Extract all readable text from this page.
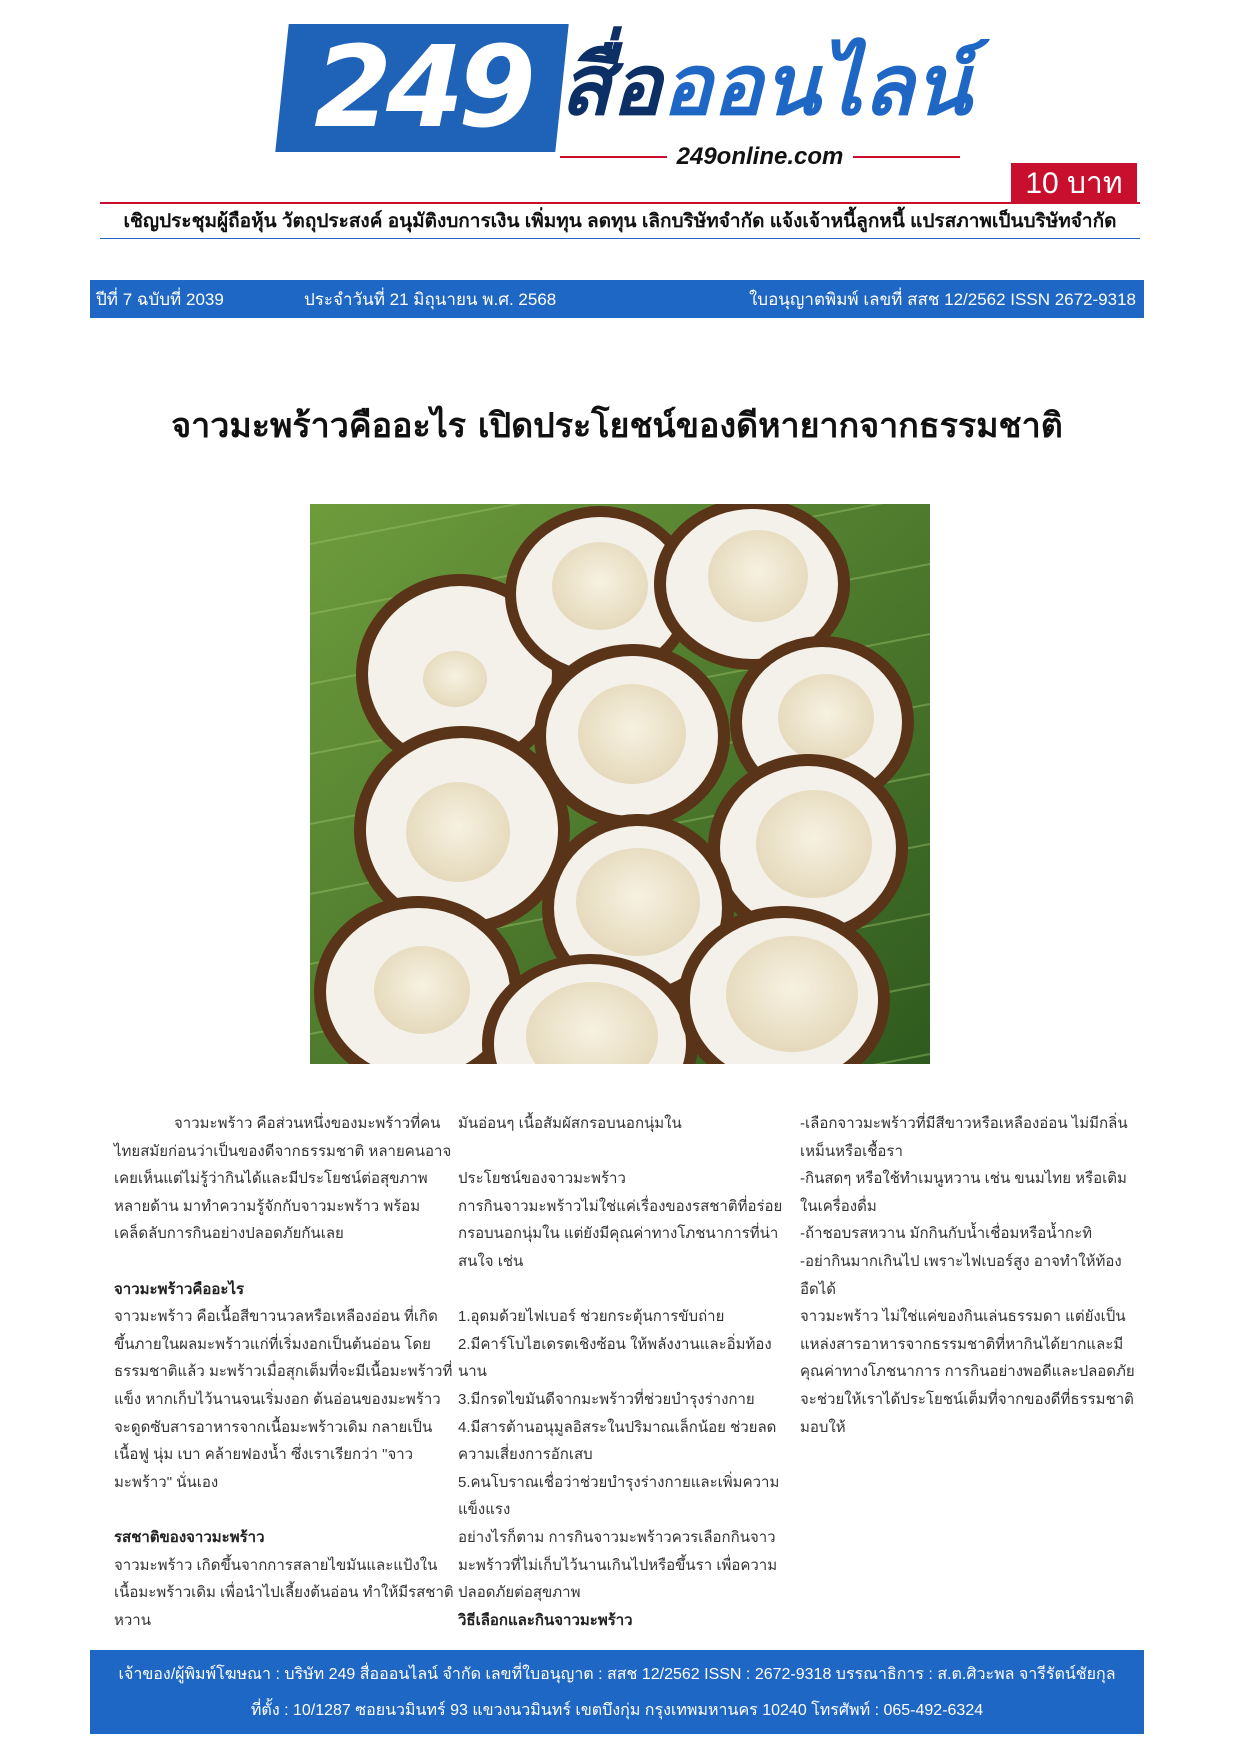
249 สื่อ ออนไลน์
249online.com
10 บาท
เชิญประชุมผู้ถือหุ้น วัตถุประสงค์ อนุมัติงบการเงิน เพิ่มทุน ลดทุน เลิกบริษัทจำกัด แจ้งเจ้าหนี้ลูกหนี้ แปรสภาพเป็นบริษัทจำกัด
ปีที่ 7 ฉบับที่ 2039	ประจำวันที่ 21 มิถุนายน พ.ศ. 2568	ใบอนุญาตพิมพ์ เลขที่ สสช 12/2562 ISSN 2672-9318
จาวมะพร้าวคืออะไร เปิดประโยชน์ของดีหายากจากธรรมชาติ

จาวมะพร้าว คือส่วนหนึ่งของมะพร้าวที่คนไทยสมัยก่อนว่าเป็นของดีจากธรรมชาติ หลายคนอาจเคยเห็นแต่ไม่รู้ว่ากินได้และมีประโยชน์ต่อสุขภาพหลายด้าน มาทำความรู้จักกับจาวมะพร้าว พร้อมเคล็ดลับการกินอย่างปลอดภัยกันเลย

จาวมะพร้าวคืออะไร

จาวมะพร้าว คือเนื้อสีขาวนวลหรือเหลืองอ่อน ที่เกิดขึ้นภายในผลมะพร้าวแก่ที่เริ่มงอกเป็นต้นอ่อน โดยธรรมชาติแล้ว มะพร้าวเมื่อสุกเต็มที่จะมีเนื้อมะพร้าวที่แข็ง หากเก็บไว้นานจนเริ่มงอก ต้นอ่อนของมะพร้าวจะดูดซับสารอาหารจากเนื้อมะพร้าวเดิม กลายเป็นเนื้อฟู นุ่ม เบา คล้ายฟองน้ำ ซึ่งเราเรียกว่า "จาวมะพร้าว" นั่นเอง

รสชาติของจาวมะพร้าว

จาวมะพร้าว เกิดขึ้นจากการสลายไขมันและแป้งในเนื้อมะพร้าวเดิม เพื่อนำไปเลี้ยงต้นอ่อน ทำให้มีรสชาติหวาน

มันอ่อนๆ เนื้อสัมผัสกรอบนอกนุ่มใน

ประโยชน์ของจาวมะพร้าว

การกินจาวมะพร้าวไม่ใช่แค่เรื่องของรสชาติที่อร่อย กรอบนอกนุ่มใน แต่ยังมีคุณค่าทางโภชนาการที่น่าสนใจ เช่น

1.อุดมด้วยไฟเบอร์ ช่วยกระตุ้นการขับถ่าย

2.มีคาร์โบไฮเดรตเชิงซ้อน ให้พลังงานและอิ่มท้องนาน

3.มีกรดไขมันดีจากมะพร้าวที่ช่วยบำรุงร่างกาย

4.มีสารต้านอนุมูลอิสระในปริมาณเล็กน้อย ช่วยลดความเสี่ยงการอักเสบ

5.คนโบราณเชื่อว่าช่วยบำรุงร่างกายและเพิ่มความแข็งแรง

อย่างไรก็ตาม การกินจาวมะพร้าวควรเลือกกินจาวมะพร้าวที่ไม่เก็บไว้นานเกินไปหรือขึ้นรา เพื่อความปลอดภัยต่อสุขภาพ

วิธีเลือกและกินจาวมะพร้าว

-เลือกจาวมะพร้าวที่มีสีขาวหรือเหลืองอ่อน ไม่มีกลิ่นเหม็นหรือเชื้อรา

-กินสดๆ หรือใช้ทำเมนูหวาน เช่น ขนมไทย หรือเติมในเครื่องดื่ม

-ถ้าชอบรสหวาน มักกินกับน้ำเชื่อมหรือน้ำกะทิ

-อย่ากินมากเกินไป เพราะไฟเบอร์สูง อาจทำให้ท้องอืดได้

จาวมะพร้าว ไม่ใช่แค่ของกินเล่นธรรมดา แต่ยังเป็นแหล่งสารอาหารจากธรรมชาติที่หากินได้ยากและมีคุณค่าทางโภชนาการ การกินอย่างพอดีและปลอดภัย จะช่วยให้เราได้ประโยชน์เต็มที่จากของดีที่ธรรมชาติมอบให้

เจ้าของ/ผู้พิมพ์โฆษณา : บริษัท 249 สื่อออนไลน์ จำกัด เลขที่ใบอนุญาต : สสช 12/2562 ISSN : 2672-9318 บรรณาธิการ : ส.ต.ศิวะพล จารีรัตน์ชัยกุล
ที่ตั้ง : 10/1287 ซอยนวมินทร์ 93 แขวงนวมินทร์ เขตบึงกุ่ม กรุงเทพมหานคร 10240 โทรศัพท์ : 065-492-6324
